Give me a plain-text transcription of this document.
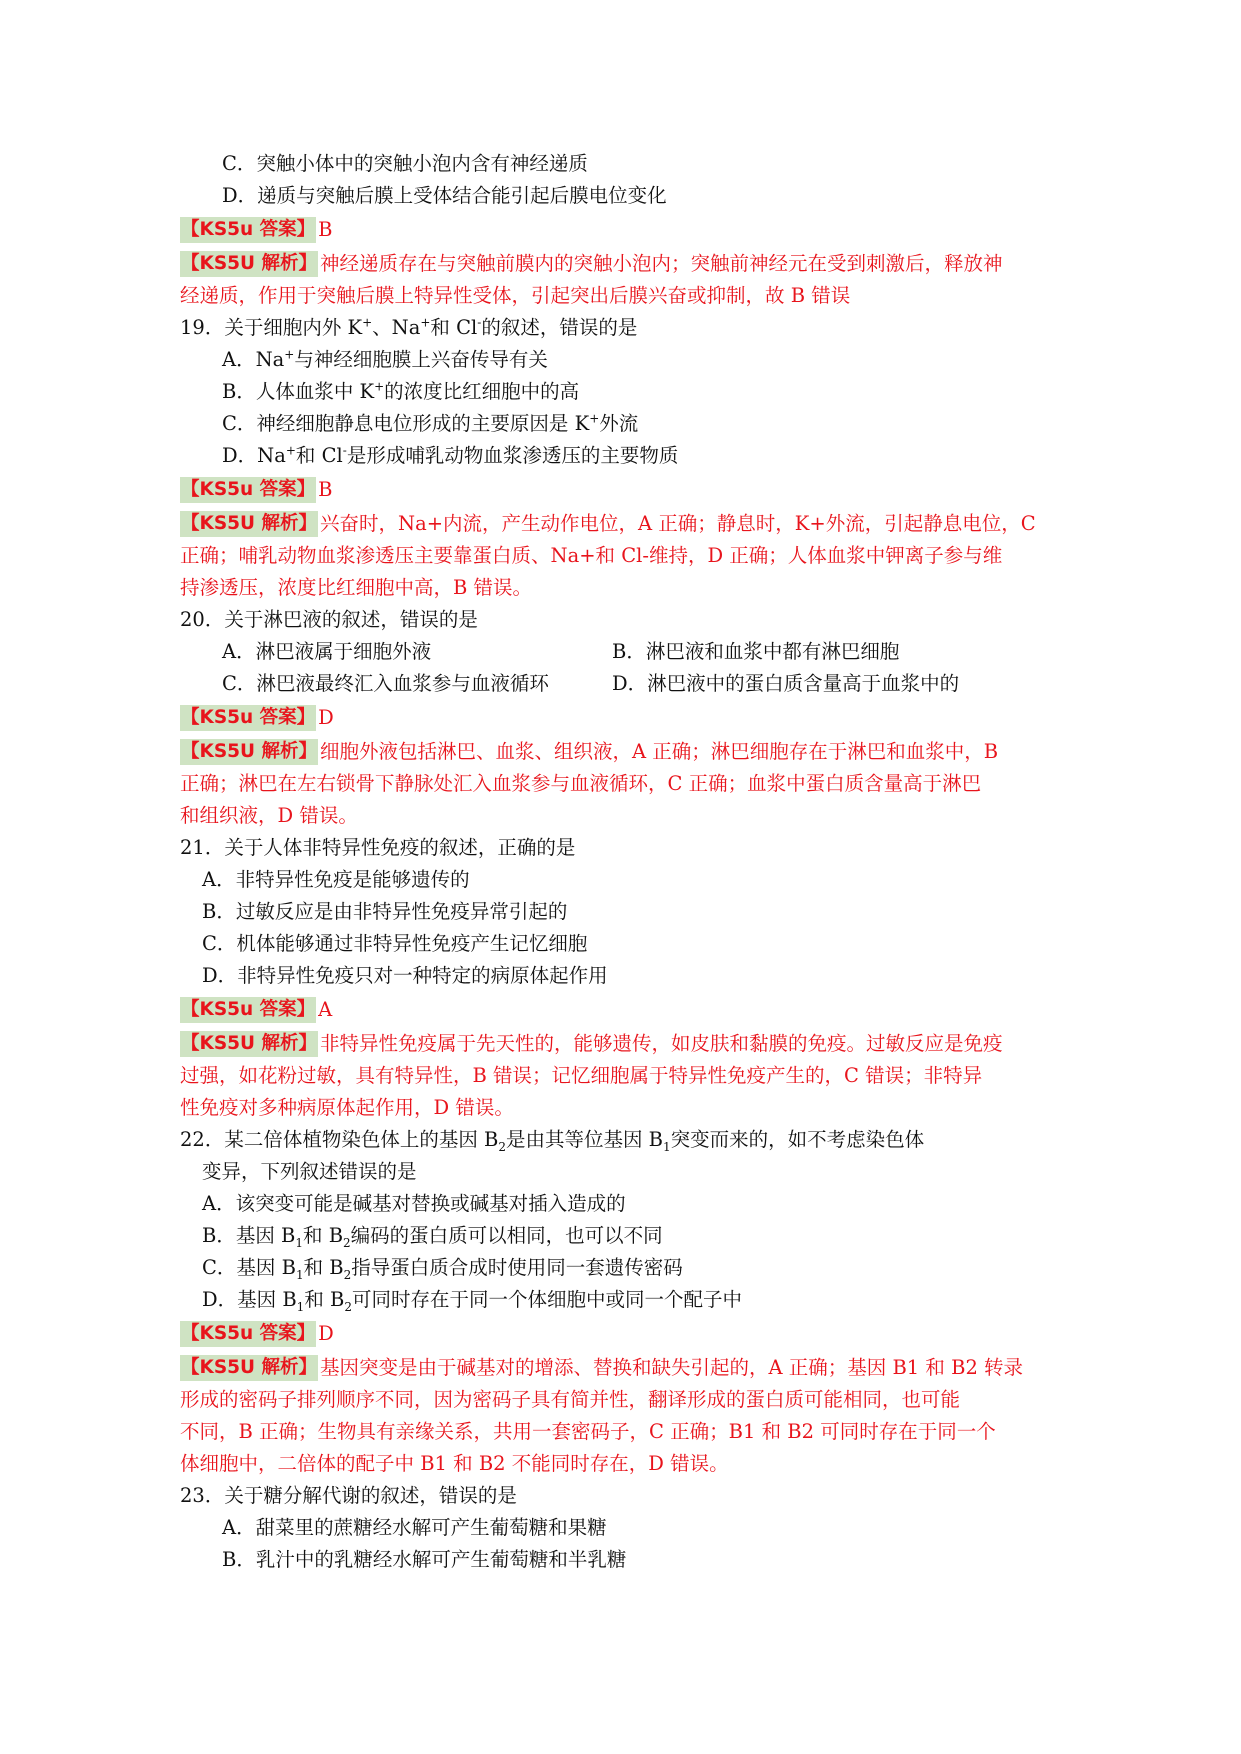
C．突触小体中的突触小泡内含有神经递质
D．递质与突触后膜上受体结合能引起后膜电位变化
【KS5u 答案】 B
【KS5U 解析】 神经递质存在与突触前膜内的突触小泡内；突触前神经元在受到刺激后，释放神
经递质，作用于突触后膜上特异性受体，引起突出后膜兴奋或抑制，故 B 错误
19．关于细胞内外 K+、Na+和 Cl-的叙述，错误的是
A．Na+与神经细胞膜上兴奋传导有关
B．人体血浆中 K+的浓度比红细胞中的高
C．神经细胞静息电位形成的主要原因是 K+外流
D．Na+和 Cl-是形成哺乳动物血浆渗透压的主要物质
【KS5u 答案】 B
【KS5U 解析】 兴奋时，Na+内流，产生动作电位，A 正确；静息时，K+外流，引起静息电位，C
正确；哺乳动物血浆渗透压主要靠蛋白质、Na+和 Cl-维持，D 正确；人体血浆中钾离子参与维
持渗透压，浓度比红细胞中高，B 错误。
20．关于淋巴液的叙述，错误的是
A．淋巴液属于细胞外液	B．淋巴液和血浆中都有淋巴细胞
C．淋巴液最终汇入血浆参与血液循环	D．淋巴液中的蛋白质含量高于血浆中的
【KS5u 答案】 D
【KS5U 解析】 细胞外液包括淋巴、血浆、组织液，A 正确；淋巴细胞存在于淋巴和血浆中，B
正确；淋巴在左右锁骨下静脉处汇入血浆参与血液循环，C 正确；血浆中蛋白质含量高于淋巴
和组织液，D 错误。
21．关于人体非特异性免疫的叙述，正确的是
A．非特异性免疫是能够遗传的
B．过敏反应是由非特异性免疫异常引起的
C．机体能够通过非特异性免疫产生记忆细胞
D．非特异性免疫只对一种特定的病原体起作用
【KS5u 答案】 A
【KS5U 解析】 非特异性免疫属于先天性的，能够遗传，如皮肤和黏膜的免疫。过敏反应是免疫
过强，如花粉过敏，具有特异性，B 错误；记忆细胞属于特异性免疫产生的，C 错误；非特异
性免疫对多种病原体起作用，D 错误。
22．某二倍体植物染色体上的基因 $B_2$是由其等位基因 $B_1$突变而来的，如不考虑染色体
变异，下列叙述错误的是
A．该突变可能是碱基对替换或碱基对插入造成的
B．基因 $B_1$和 $B_2$编码的蛋白质可以相同，也可以不同
C．基因 $B_1$和 $B_2$指导蛋白质合成时使用同一套遗传密码
D．基因 $B_1$和 $B_2$可同时存在于同一个体细胞中或同一个配子中
【KS5u 答案】 D
【KS5U 解析】 基因突变是由于碱基对的增添、替换和缺失引起的，A 正确；基因 B1 和 B2 转录
形成的密码子排列顺序不同，因为密码子具有简并性，翻译形成的蛋白质可能相同，也可能
不同，B 正确；生物具有亲缘关系，共用一套密码子，C 正确；B1 和 B2 可同时存在于同一个
体细胞中，二倍体的配子中 B1 和 B2 不能同时存在，D 错误。
23．关于糖分解代谢的叙述，错误的是
A．甜菜里的蔗糖经水解可产生葡萄糖和果糖
B．乳汁中的乳糖经水解可产生葡萄糖和半乳糖
